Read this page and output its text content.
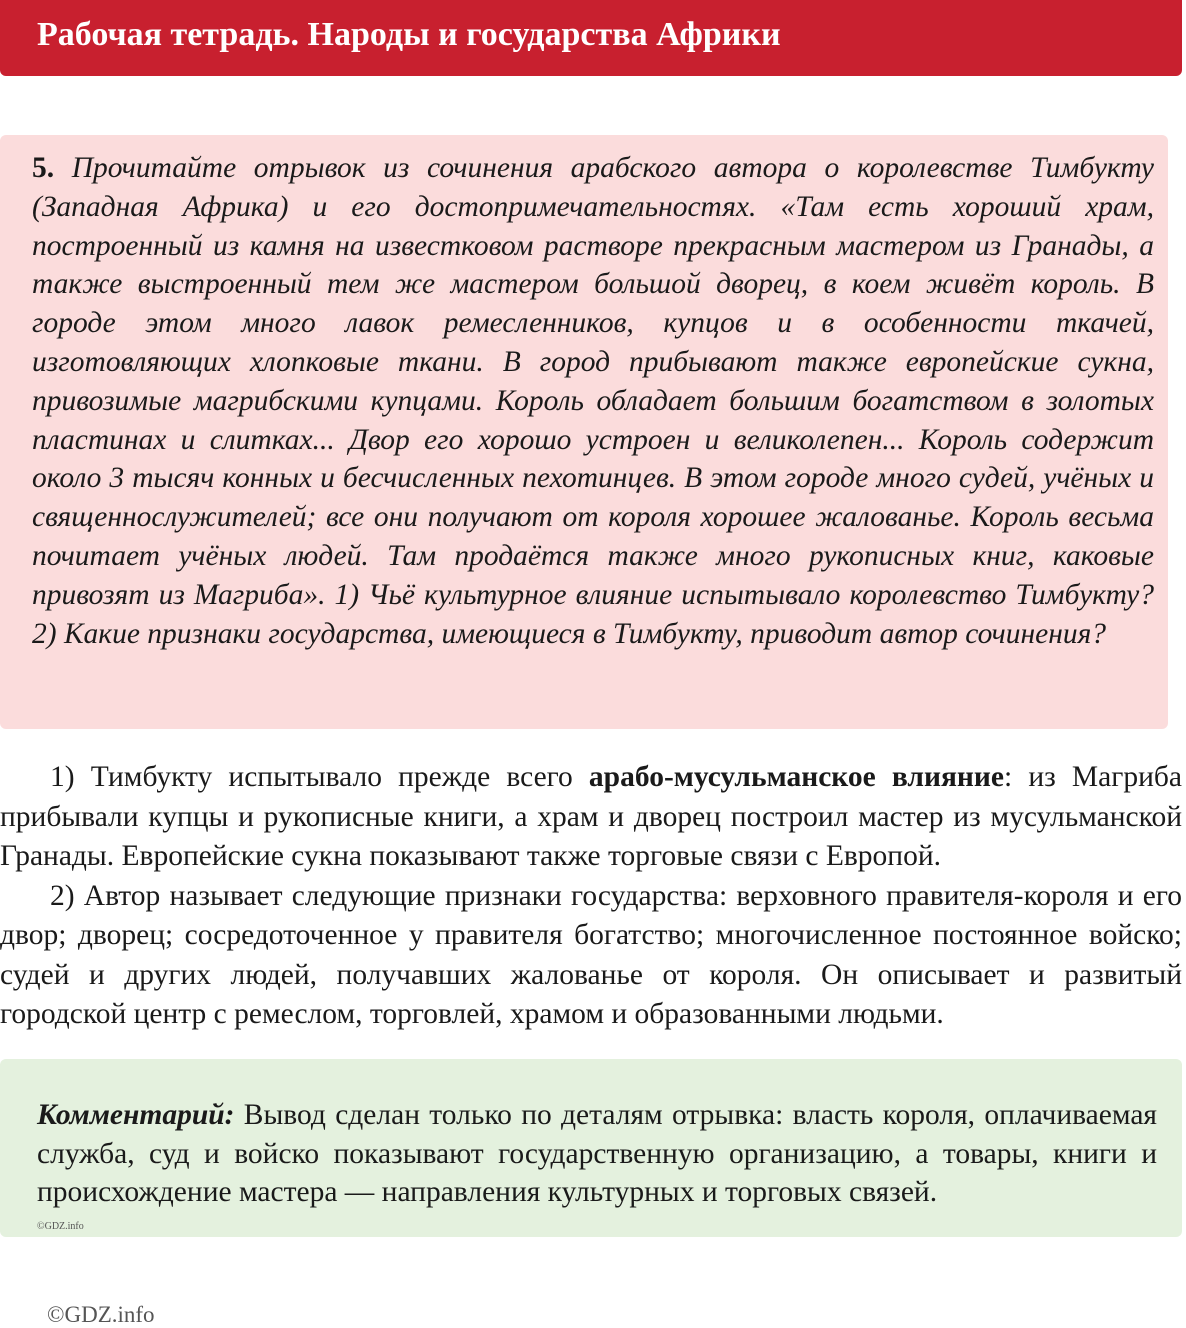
Рабочая тетрадь. Народы и государства Африки
5. Прочитайте отрывок из сочинения арабского автора о королевстве Тимбукту (Западная Африка) и его достопримечательностях. «Там есть хороший храм, построенный из камня на известковом растворе прекрасным мастером из Гранады, а также выстроенный тем же мастером большой дворец, в коем живёт король. В городе этом много лавок ремесленников, купцов и в особенности ткачей, изготовляющих хлопковые ткани. В город прибывают также европейские сукна, привозимые магрибскими купцами. Король обладает большим богатством в золотых пластинах и слитках... Двор его хорошо устроен и великолепен... Король содержит около 3 тысяч конных и бесчисленных пехотинцев. В этом городе много судей, учёных и священнослужителей; все они получают от короля хорошее жалованье. Король весьма почитает учёных людей. Там продаётся также много рукописных книг, каковые привозят из Магриба». 1) Чьё культурное влияние испытывало королевство Тимбукту? 2) Какие признаки государства, имеющиеся в Тимбукту, приводит автор сочинения?

1) Тимбукту испытывало прежде всего арабо-мусульманское влияние: из Магриба прибывали купцы и рукописные книги, а храм и дворец построил мастер из мусульманской Гранады. Европейские сукна показывают также торговые связи с Европой.

2) Автор называет следующие признаки государства: верховного правителя-короля и его двор; дворец; сосредоточенное у правителя богатство; многочисленное постоянное войско; судей и других людей, получавших жалованье от короля. Он описывает и развитый городской центр с ремеслом, торговлей, храмом и образованными людьми.

Комментарий: Вывод сделан только по деталям отрывка: власть короля, оплачиваемая служба, суд и войско показывают государственную организацию, а товары, книги и происхождение мастера — направления культурных и торговых связей.
©GDZ.info
©GDZ.info
